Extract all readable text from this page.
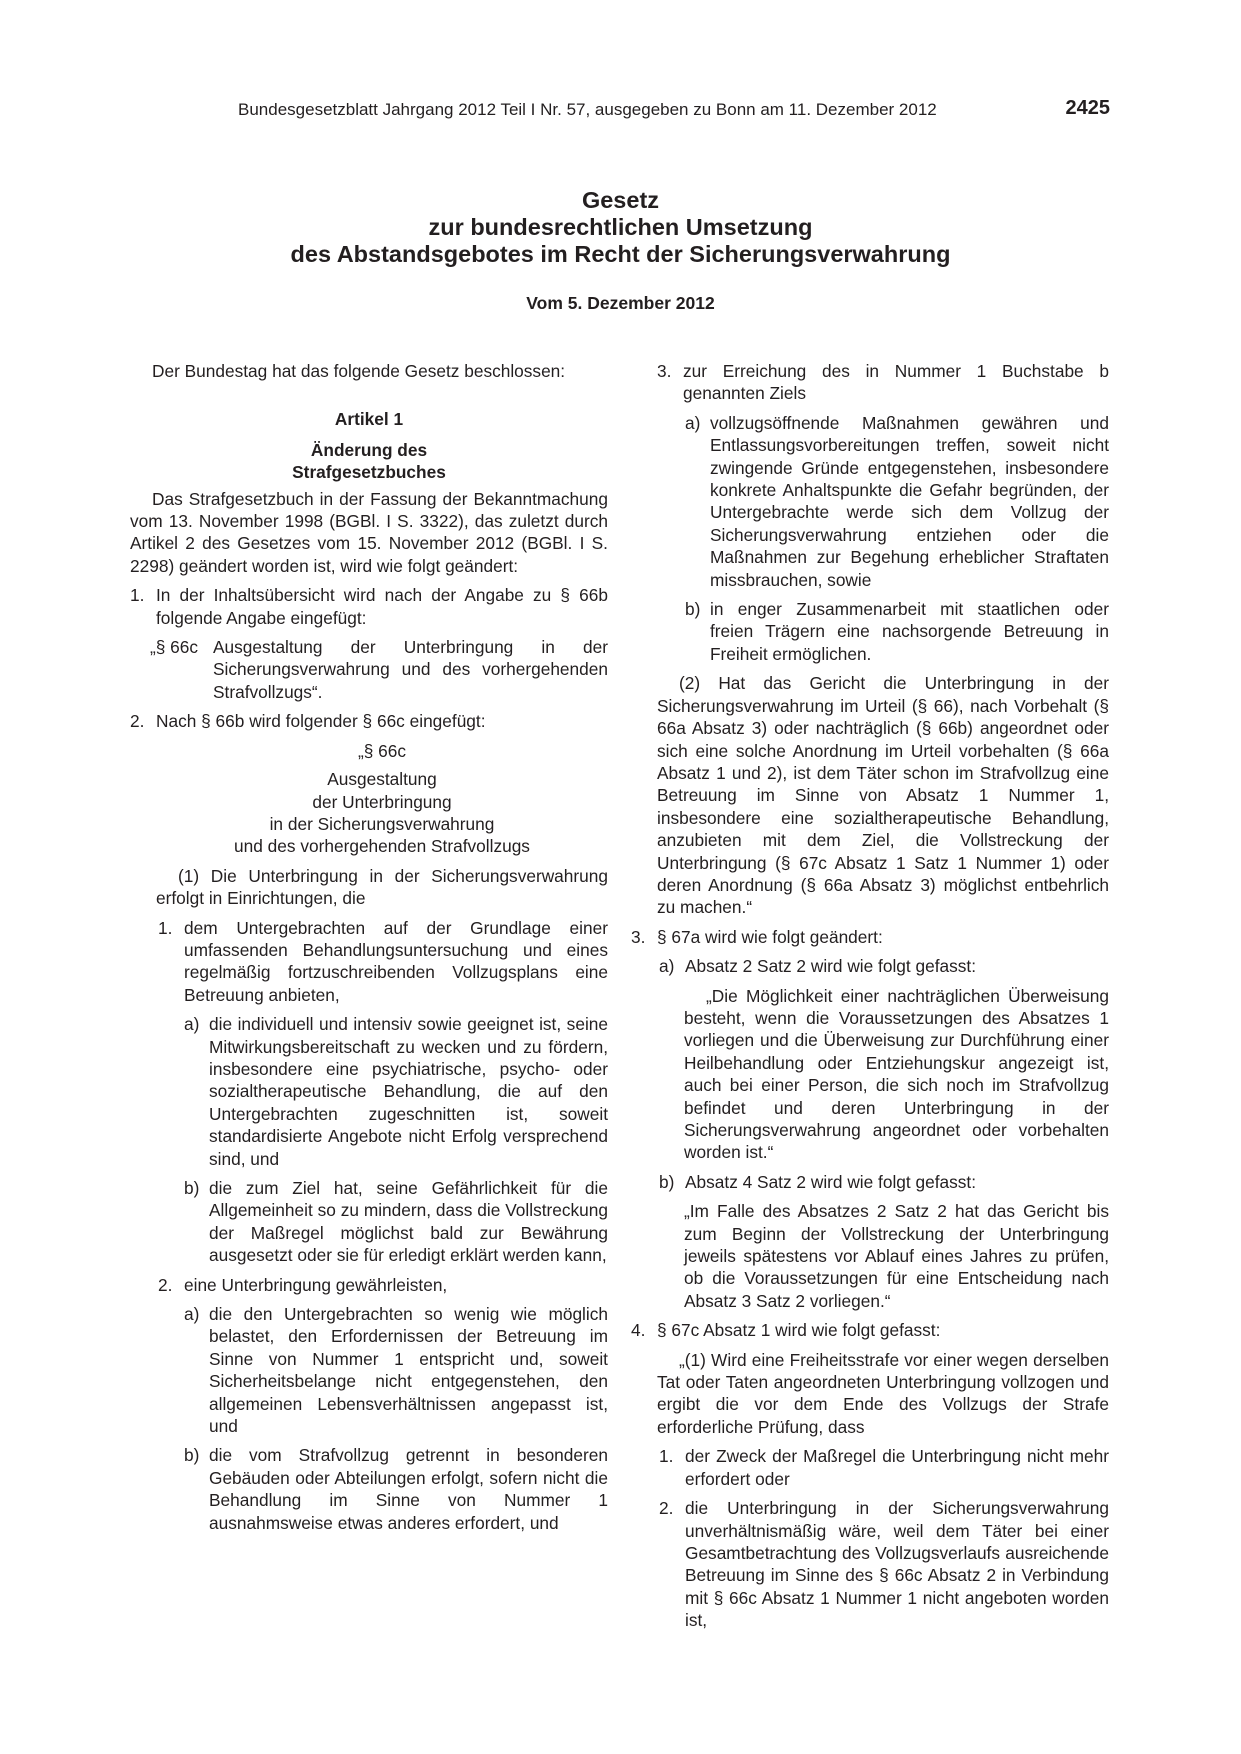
Bundesgesetzblatt Jahrgang 2012 Teil I Nr. 57, ausgegeben zu Bonn am 11. Dezember 2012	2425
Gesetz
zur bundesrechtlichen Umsetzung
des Abstandsgebotes im Recht der Sicherungsverwahrung
Vom 5. Dezember 2012

Der Bundestag hat das folgende Gesetz beschlossen:

Artikel 1

Änderung des

Strafgesetzbuches

Das Strafgesetzbuch in der Fassung der Bekanntmachung vom 13. November 1998 (BGBl. I S. 3322), das zuletzt durch Artikel 2 des Gesetzes vom 15. November 2012 (BGBl. I S. 2298) geändert worden ist, wird wie folgt geändert:

1. In der Inhaltsübersicht wird nach der Angabe zu § 66b folgende Angabe eingefügt:
„§ 66c Ausgestaltung der Unterbringung in der Sicherungsverwahrung und des vorhergehenden Strafvollzugs“.
2. Nach § 66b wird folgender § 66c eingefügt:

„§ 66c

Ausgestaltung

der Unterbringung

in der Sicherungsverwahrung

und des vorhergehenden Strafvollzugs

(1) Die Unterbringung in der Sicherungsverwahrung erfolgt in Einrichtungen, die

1. dem Untergebrachten auf der Grundlage einer umfassenden Behandlungsuntersuchung und eines regelmäßig fortzuschreibenden Vollzugsplans eine Betreuung anbieten,
a) die individuell und intensiv sowie geeignet ist, seine Mitwirkungsbereitschaft zu wecken und zu fördern, insbesondere eine psychiatrische, psycho- oder sozialtherapeutische Behandlung, die auf den Untergebrachten zugeschnitten ist, soweit standardisierte Angebote nicht Erfolg versprechend sind, und
b) die zum Ziel hat, seine Gefährlichkeit für die Allgemeinheit so zu mindern, dass die Vollstreckung der Maßregel möglichst bald zur Bewährung ausgesetzt oder sie für erledigt erklärt werden kann,
2. eine Unterbringung gewährleisten,
a) die den Untergebrachten so wenig wie möglich belastet, den Erfordernissen der Betreuung im Sinne von Nummer 1 entspricht und, soweit Sicherheitsbelange nicht entgegenstehen, den allgemeinen Lebensverhältnissen angepasst ist, und
b) die vom Strafvollzug getrennt in besonderen Gebäuden oder Abteilungen erfolgt, sofern nicht die Behandlung im Sinne von Nummer 1 ausnahmsweise etwas anderes erfordert, und
3. zur Erreichung des in Nummer 1 Buchstabe b genannten Ziels
a) vollzugsöffnende Maßnahmen gewähren und Entlassungsvorbereitungen treffen, soweit nicht zwingende Gründe entgegenstehen, insbesondere konkrete Anhaltspunkte die Gefahr begründen, der Untergebrachte werde sich dem Vollzug der Sicherungsverwahrung entziehen oder die Maßnahmen zur Begehung erheblicher Straftaten missbrauchen, sowie
b) in enger Zusammenarbeit mit staatlichen oder freien Trägern eine nachsorgende Betreuung in Freiheit ermöglichen.

(2) Hat das Gericht die Unterbringung in der Sicherungsverwahrung im Urteil (§ 66), nach Vorbehalt (§ 66a Absatz 3) oder nachträglich (§ 66b) angeordnet oder sich eine solche Anordnung im Urteil vorbehalten (§ 66a Absatz 1 und 2), ist dem Täter schon im Strafvollzug eine Betreuung im Sinne von Absatz 1 Nummer 1, insbesondere eine sozialtherapeutische Behandlung, anzubieten mit dem Ziel, die Vollstreckung der Unterbringung (§ 67c Absatz 1 Satz 1 Nummer 1) oder deren Anordnung (§ 66a Absatz 3) möglichst entbehrlich zu machen.“

3. § 67a wird wie folgt geändert:
a) Absatz 2 Satz 2 wird wie folgt gefasst:

„Die Möglichkeit einer nachträglichen Überweisung besteht, wenn die Voraussetzungen des Absatzes 1 vorliegen und die Überweisung zur Durchführung einer Heilbehandlung oder Entziehungskur angezeigt ist, auch bei einer Person, die sich noch im Strafvollzug befindet und deren Unterbringung in der Sicherungsverwahrung angeordnet oder vorbehalten worden ist.“

b) Absatz 4 Satz 2 wird wie folgt gefasst:

„Im Falle des Absatzes 2 Satz 2 hat das Gericht bis zum Beginn der Vollstreckung der Unterbringung jeweils spätestens vor Ablauf eines Jahres zu prüfen, ob die Voraussetzungen für eine Entscheidung nach Absatz 3 Satz 2 vorliegen.“

4. § 67c Absatz 1 wird wie folgt gefasst:

„(1) Wird eine Freiheitsstrafe vor einer wegen derselben Tat oder Taten angeordneten Unterbringung vollzogen und ergibt die vor dem Ende des Vollzugs der Strafe erforderliche Prüfung, dass

1. der Zweck der Maßregel die Unterbringung nicht mehr erfordert oder
2. die Unterbringung in der Sicherungsverwahrung unverhältnismäßig wäre, weil dem Täter bei einer Gesamtbetrachtung des Vollzugsverlaufs ausreichende Betreuung im Sinne des § 66c Absatz 2 in Verbindung mit § 66c Absatz 1 Nummer 1 nicht angeboten worden ist,
